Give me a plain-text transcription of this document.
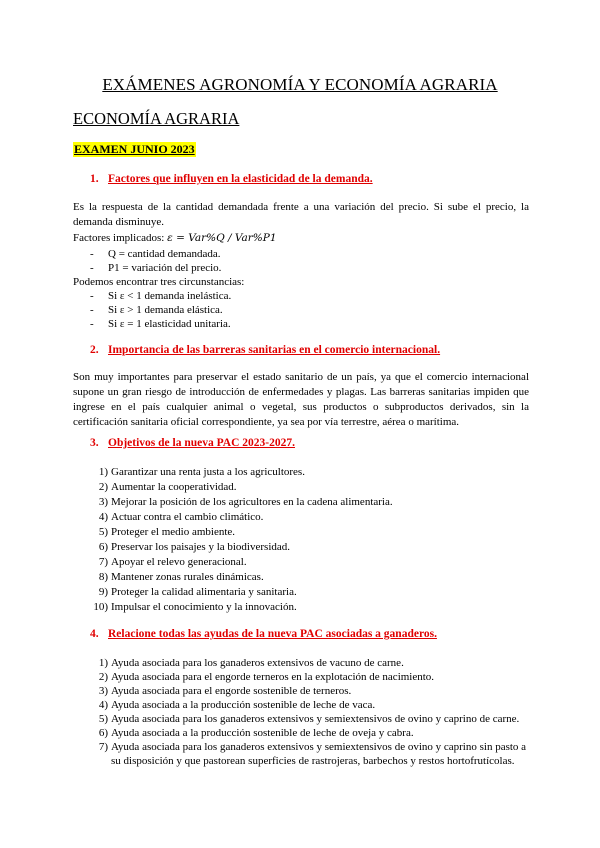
EXÁMENES AGRONOMÍA Y ECONOMÍA AGRARIA
ECONOMÍA AGRARIA
EXAMEN JUNIO 2023
1. Factores que influyen en la elasticidad de la demanda.
Es la respuesta de la cantidad demandada frente a una variación del precio. Si sube el precio, la demanda disminuye.
Factores implicados: ε = Var%Q / Var%P1
- Q = cantidad demandada.
- P1 = variación del precio.
Podemos encontrar tres circunstancias:
- Si ε < 1 demanda inelástica.
- Si ε > 1 demanda elástica.
- Si ε = 1 elasticidad unitaria.
2. Importancia de las barreras sanitarias en el comercio internacional.
Son muy importantes para preservar el estado sanitario de un país, ya que el comercio internacional supone un gran riesgo de introducción de enfermedades y plagas. Las barreras sanitarias impiden que ingrese en el país cualquier animal o vegetal, sus productos o subproductos derivados, sin la certificación sanitaria oficial correspondiente, ya sea por vía terrestre, aérea o marítima.
3. Objetivos de la nueva PAC 2023-2027.
1) Garantizar una renta justa a los agricultores.
2) Aumentar la cooperatividad.
3) Mejorar la posición de los agricultores en la cadena alimentaria.
4) Actuar contra el cambio climático.
5) Proteger el medio ambiente.
6) Preservar los paisajes y la biodiversidad.
7) Apoyar el relevo generacional.
8) Mantener zonas rurales dinámicas.
9) Proteger la calidad alimentaria y sanitaria.
10) Impulsar el conocimiento y la innovación.
4. Relacione todas las ayudas de la nueva PAC asociadas a ganaderos.
1) Ayuda asociada para los ganaderos extensivos de vacuno de carne.
2) Ayuda asociada para el engorde terneros en la explotación de nacimiento.
3) Ayuda asociada para el engorde sostenible de terneros.
4) Ayuda asociada a la producción sostenible de leche de vaca.
5) Ayuda asociada para los ganaderos extensivos y semiextensivos de ovino y caprino de carne.
6) Ayuda asociada a la producción sostenible de leche de oveja y cabra.
7) Ayuda asociada para los ganaderos extensivos y semiextensivos de ovino y caprino sin pasto a su disposición y que pastorean superficies de rastrojeras, barbechos y restos hortofrutícolas.
